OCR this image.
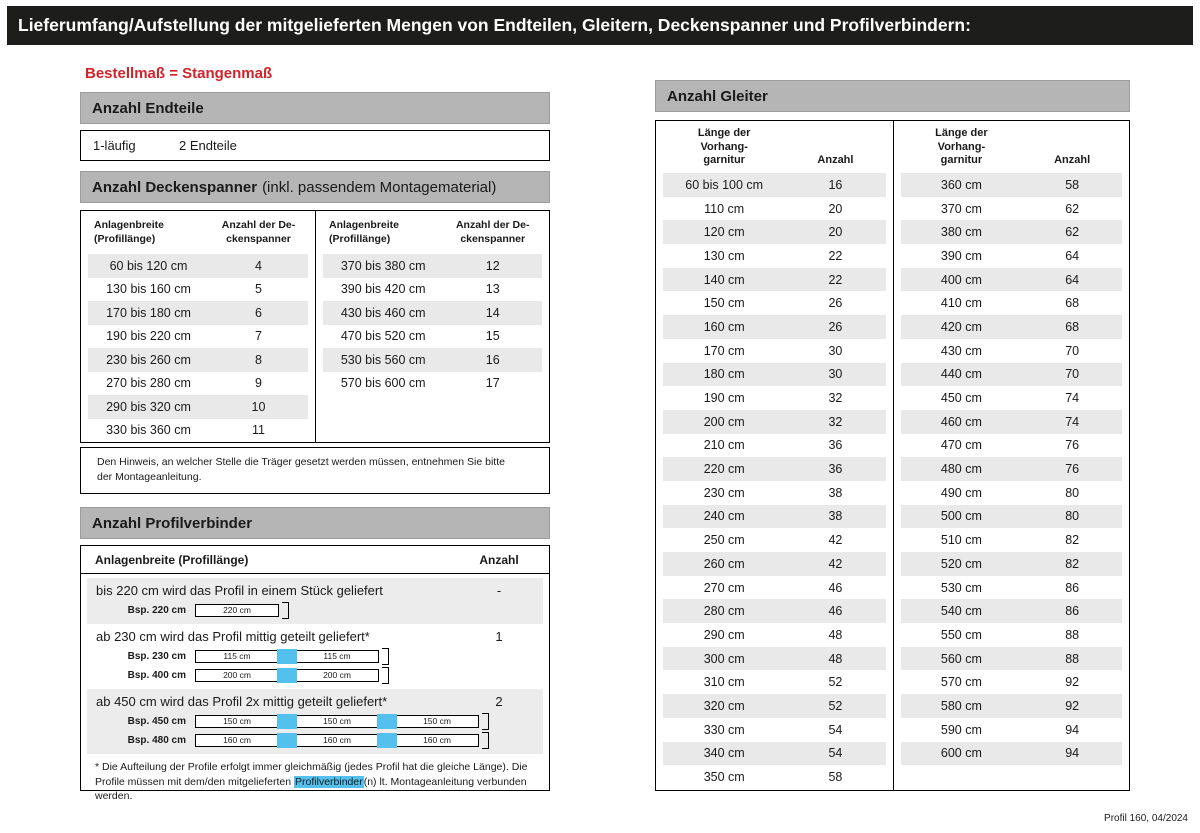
Lieferumfang/Aufstellung der mitgelieferten Mengen von Endteilen, Gleitern, Deckenspanner und Profilverbindern:
Bestellmaß = Stangenmaß
Anzahl Endteile
1-läufig	2 Endteile
Anzahl Deckenspanner (inkl. passendem Montagematerial)
Anlagenbreite
(Profillänge)
Anzahl der De-
ckenspanner
60 bis 120 cm	4
130 bis 160 cm	5
170 bis 180 cm	6
190 bis 220 cm	7
230 bis 260 cm	8
270 bis 280 cm	9
290 bis 320 cm	10
330 bis 360 cm	11
Anlagenbreite
(Profillänge)
Anzahl der De-
ckenspanner
370 bis 380 cm	12
390 bis 420 cm	13
430 bis 460 cm	14
470 bis 520 cm	15
530 bis 560 cm	16
570 bis 600 cm	17
Den Hinweis, an welcher Stelle die Träger gesetzt werden müssen, entnehmen Sie bitte der Montageanleitung.
Anzahl Profilverbinder
Anlagenbreite (Profillänge)	Anzahl
bis 220 cm wird das Profil in einem Stück geliefert	-
Bsp. 220 cm	220 cm
ab 230 cm wird das Profil mittig geteilt geliefert*	1
Bsp. 230 cm	115 cm	115 cm
Bsp. 400 cm	200 cm	200 cm
ab 450 cm wird das Profil 2x mittig geteilt geliefert*	2
Bsp. 450 cm	150 cm	150 cm	150 cm
Bsp. 480 cm	160 cm	160 cm	160 cm
* Die Aufteilung der Profile erfolgt immer gleichmäßig (jedes Profil hat die gleiche Länge). Die Profile müssen mit dem/den mitgelieferten Profilverbinder(n) lt. Montageanleitung verbunden werden.
Anzahl Gleiter
Länge der
Vorhang-
garnitur	Anzahl
60 bis 100 cm	16
110 cm	20
120 cm	20
130 cm	22
140 cm	22
150 cm	26
160 cm	26
170 cm	30
180 cm	30
190 cm	32
200 cm	32
210 cm	36
220 cm	36
230 cm	38
240 cm	38
250 cm	42
260 cm	42
270 cm	46
280 cm	46
290 cm	48
300 cm	48
310 cm	52
320 cm	52
330 cm	54
340 cm	54
350 cm	58
Länge der
Vorhang-
garnitur	Anzahl
360 cm	58
370 cm	62
380 cm	62
390 cm	64
400 cm	64
410 cm	68
420 cm	68
430 cm	70
440 cm	70
450 cm	74
460 cm	74
470 cm	76
480 cm	76
490 cm	80
500 cm	80
510 cm	82
520 cm	82
530 cm	86
540 cm	86
550 cm	88
560 cm	88
570 cm	92
580 cm	92
590 cm	94
600 cm	94
Profil 160, 04/2024
